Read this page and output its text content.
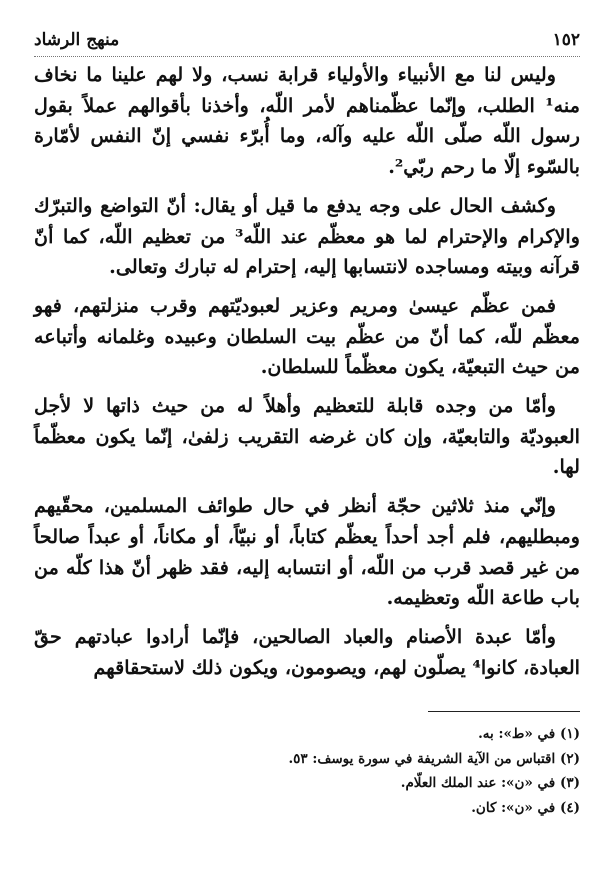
١٥٢
منهج الرشاد

وليس لنا مع الأنبياء والأولياء قرابة نسب، ولا لهم علينا ما نخاف منه¹ الطلب، وإنّما عظّمناهم لأمر اللّه، وأخذنا بأقوالهم عملاً بقول رسول اللّه صلّى اللّه عليه وآله، وما أُبرّء نفسي إنّ النفس لأمّارة بالسّوء إلّا ما رحم ربّي².

وكشف الحال على وجه يدفع ما قيل أو يقال: أنّ التواضع والتبرّك والإكرام والإحترام لما هو معظّم عند اللّه³ من تعظيم اللّه، كما أنّ قرآنه وبيته ومساجده لانتسابها إليه، إحترام له تبارك وتعالى.

فمن عظّم عيسىٰ ومريم وعزير لعبوديّتهم وقرب منزلتهم، فهو معظّم للّه، كما أنّ من عظّم بيت السلطان وعبيده وغلمانه وأتباعه من حيث التبعيّة، يكون معظّماً للسلطان.

وأمّا من وجده قابلة للتعظيم وأهلاً له من حيث ذاتها لا لأجل العبوديّة والتابعيّة، وإن كان غرضه التقريب زلفىٰ، إنّما يكون معظّماً لها.

وإنّي منذ ثلاثين حجّة أنظر في حال طوائف المسلمين، محقّيهم ومبطليهم، فلم أجد أحداً يعظّم كتاباً، أو نبيّاً، أو مكاناً، أو عبداً صالحاً من غير قصد قرب من اللّه، أو انتسابه إليه، فقد ظهر أنّ هذا كلّه من باب طاعة اللّه وتعظيمه.

وأمّا عبدة الأصنام والعباد الصالحين، فإنّما أرادوا عبادتهم حقّ العبادة، كانوا⁴ يصلّون لهم، ويصومون، ويكون ذلك لاستحقاقهم

(١) في «ط»: به.

(٢) اقتباس من الآية الشريفة في سورة يوسف: ٥٣.

(٣) في «ن»: عند الملك العلّام.

(٤) في «ن»: كان.
